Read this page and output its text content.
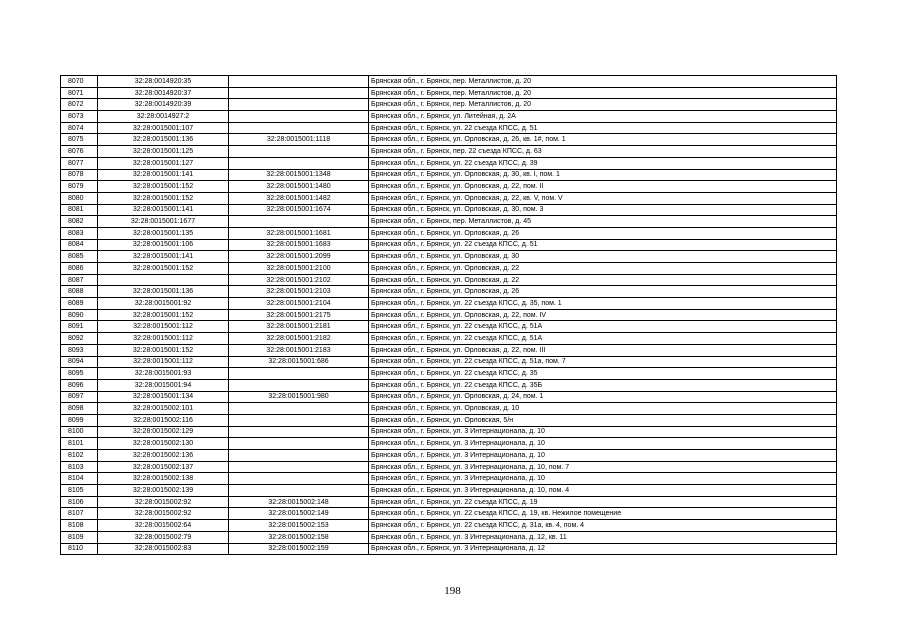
8070	32:28:0014920:35		Брянская обл., г. Брянск, пер. Металлистов, д. 20
8071	32:28:0014920:37		Брянская обл., г. Брянск, пер. Металлистов, д. 20
8072	32:28:0014920:39		Брянская обл., г. Брянск, пер. Металлистов, д. 20
8073	32:28:0014927:2		Брянская обл., г. Брянск, ул. Литейная, д. 2А
8074	32:28:0015001:107		Брянская обл., г. Брянск, ул. 22 съезда КПСС, д. 51
8075	32:28:0015001:136	32:28:0015001:1118	Брянская обл., г. Брянск, ул. Орловская, д. 26, кв. 1#, пом. 1
8076	32:28:0015001:125		Брянская обл., г. Брянск, пер. 22 съезда КПСС, д. 63
8077	32:28:0015001:127		Брянская обл., г. Брянск, ул. 22 съезда КПСС, д. 39
8078	32:28:0015001:141	32:28:0015001:1348	Брянская обл., г. Брянск, ул. Орловская, д. 30, кв. I, пом. 1
8079	32:28:0015001:152	32:28:0015001:1480	Брянская обл., г. Брянск, ул. Орловская, д. 22, пом. II
8080	32:28:0015001:152	32:28:0015001:1482	Брянская обл., г. Брянск, ул. Орловская, д. 22, кв. V, пом. V
8081	32:28:0015001:141	32:28:0015001:1674	Брянская обл., г. Брянск, ул. Орловская, д. 30, пом. 3
8082	32:28:0015001:1677		Брянская обл., г. Брянск, пер. Металлистов, д. 45
8083	32:28:0015001:135	32:28:0015001:1681	Брянская обл., г. Брянск, ул. Орловская, д. 26
8084	32:28:0015001:106	32:28:0015001:1683	Брянская обл., г. Брянск, ул. 22 съезда КПСС, д. 51
8085	32:28:0015001:141	32:28:0015001:2099	Брянская обл., г. Брянск, ул. Орловская, д. 30
8086	32:28:0015001:152	32:28:0015001:2100	Брянская обл., г. Брянск, ул. Орловская, д. 22
8087		32:28:0015001:2102	Брянская обл., г. Брянск, ул. Орловская, д. 22
8088	32:28:0015001:136	32:28:0015001:2103	Брянская обл., г. Брянск, ул. Орловская, д. 26
8089	32:28:0015001:92	32:28:0015001:2104	Брянская обл., г. Брянск, ул. 22 съезда КПСС, д. 35, пом. 1
8090	32:28:0015001:152	32:28:0015001:2175	Брянская обл., г. Брянск, ул. Орловская, д. 22, пом. IV
8091	32:28:0015001:112	32:28:0015001:2181	Брянская обл., г. Брянск, ул. 22 съезда КПСС, д. 51А
8092	32:28:0015001:112	32:28:0015001:2182	Брянская обл., г. Брянск, ул. 22 съезда КПСС, д. 51А
8093	32:28:0015001:152	32:28:0015001:2183	Брянская обл., г. Брянск, ул. Орловская, д. 22, пом. III
8094	32:28:0015001:112	32:28:0015001:686	Брянская обл., г. Брянск, ул. 22 съезда КПСС, д. 51а, пом. 7
8095	32:28:0015001:93		Брянская обл., г. Брянск, ул. 22 съезда КПСС, д. 35
8096	32:28:0015001:94		Брянская обл., г. Брянск, ул. 22 съезда КПСС, д. 35Б
8097	32:28:0015001:134	32:28:0015001:980	Брянская обл., г. Брянск, ул. Орловская, д. 24, пом. 1
8098	32:28:0015002:101		Брянская обл., г. Брянск, ул. Орловская, д. 10
8099	32:28:0015002:116		Брянская обл., г. Брянск, ул. Орловская, 5/н
8100	32:28:0015002:129		Брянская обл., г. Брянск, ул. 3 Интернационала, д. 10
8101	32:28:0015002:130		Брянская обл., г. Брянск, ул. 3 Интернационала, д. 10
8102	32:28:0015002:136		Брянская обл., г. Брянск, ул. 3 Интернационала, д. 10
8103	32:28:0015002:137		Брянская обл., г. Брянск, ул. 3 Интернационала, д. 10, пом. 7
8104	32:28:0015002:138		Брянская обл., г. Брянск, ул. 3 Интернационала, д. 10
8105	32:28:0015002:139		Брянская обл., г. Брянск, ул. 3 Интернационала, д. 10, пом. 4
8106	32:28:0015002:92	32:28:0015002:148	Брянская обл., г. Брянск, ул. 22 съезда КПСС, д. 19
8107	32:28:0015002:92	32:28:0015002:149	Брянская обл., г. Брянск, ул. 22 съезда КПСС, д. 19, кв. Нежилое помещение
8108	32:28:0015002:64	32:28:0015002:153	Брянская обл., г. Брянск, ул. 22 съезда КПСС, д. 31а, кв. 4, пом. 4
8109	32:28:0015002:79	32:28:0015002:158	Брянская обл., г. Брянск, ул. 3 Интернационала, д. 12, кв. 11
8110	32:28:0015002:83	32:28:0015002:159	Брянская обл., г. Брянск, ул. 3 Интернационала, д. 12
198
